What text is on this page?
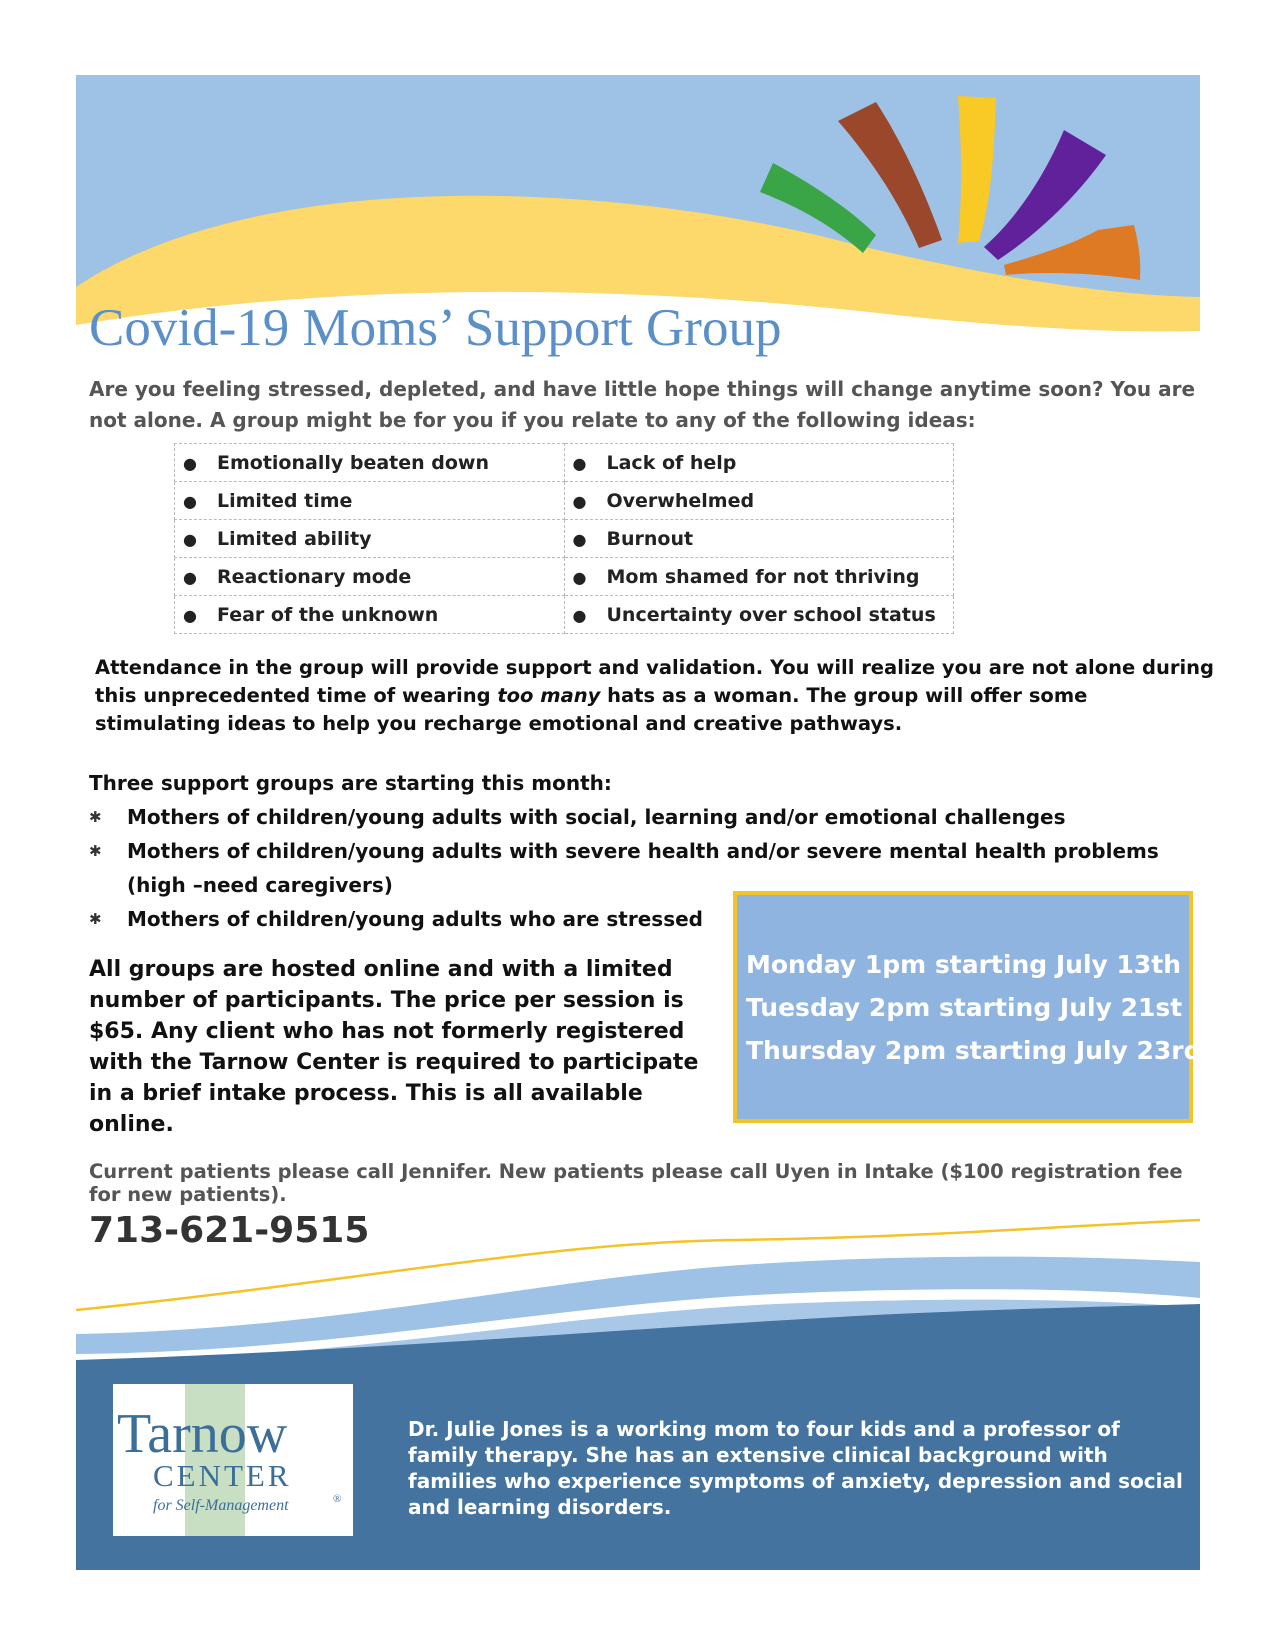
Covid-19 Moms’ Support Group
Are you feeling stressed, depleted, and have little hope things will change anytime soon? You are not alone. A group might be for you if you relate to any of the following ideas:
● Emotionally beaten down	● Lack of help
● Limited time	● Overwhelmed
● Limited ability	● Burnout
● Reactionary mode	● Mom shamed for not thriving
● Fear of the unknown	● Uncertainty over school status
Attendance in the group will provide support and validation. You will realize you are not alone during this unprecedented time of wearing too many hats as a woman. The group will offer some stimulating ideas to help you recharge emotional and creative pathways.
Three support groups are starting this month:
✱ Mothers of children/young adults with social, learning and/or emotional challenges
✱ Mothers of children/young adults with severe health and/or severe mental health problems (high –need caregivers)
✱ Mothers of children/young adults who are stressed
All groups are hosted online and with a limited number of participants. The price per session is $65. Any client who has not formerly registered with the Tarnow Center is required to participate in a brief intake process. This is all available online.
Monday 1pm starting July 13th
Tuesday 2pm starting July 21st
Thursday 2pm starting July 23rd
Current patients please call Jennifer. New patients please call Uyen in Intake ($100 registration fee for new patients).
713-621-9515
Tarnow
CENTER
for Self-Management	®
Dr. Julie Jones is a working mom to four kids and a professor of family therapy. She has an extensive clinical background with families who experience symptoms of anxiety, depression and social and learning disorders.
